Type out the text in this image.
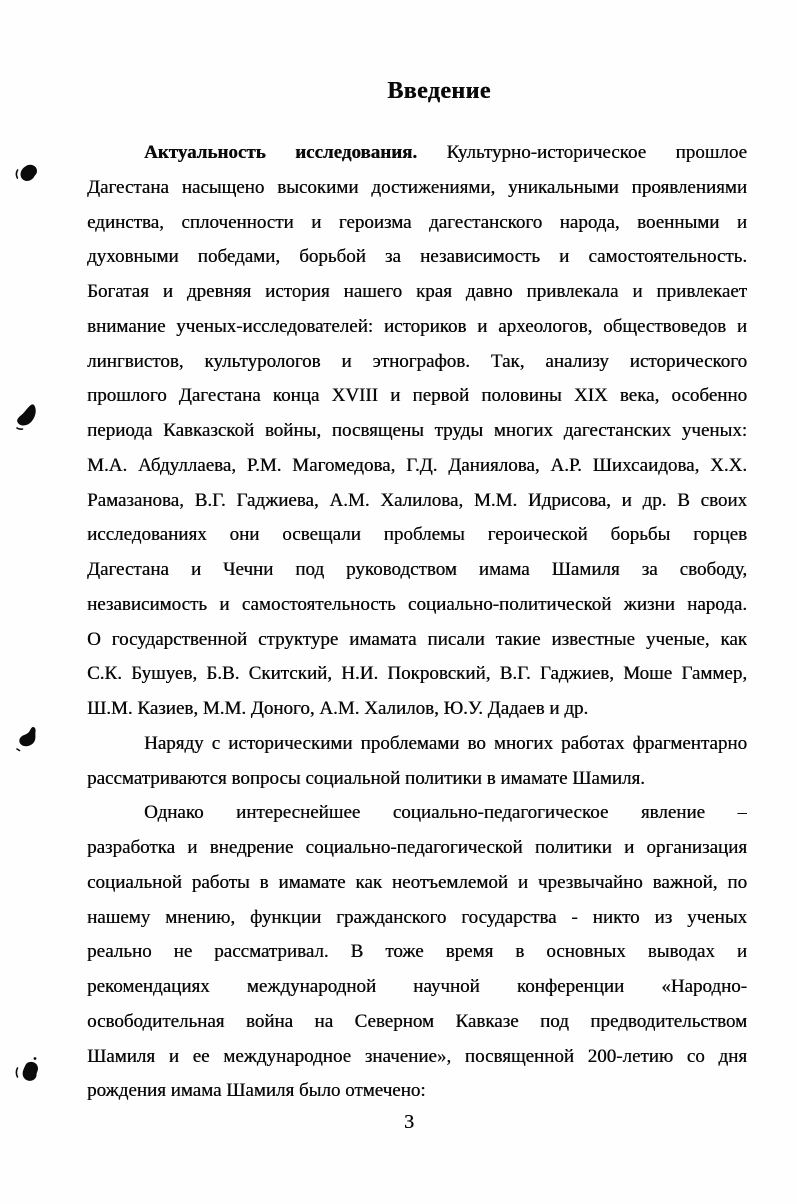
Введение
Актуальность исследования. Культурно-историческое прошлое
Дагестана насыщено высокими достижениями, уникальными проявлениями
единства, сплоченности и героизма дагестанского народа, военными и
духовными победами, борьбой за независимость и самостоятельность.
Богатая и древняя история нашего края давно привлекала и привлекает
внимание ученых-исследователей: историков и археологов, обществоведов и
лингвистов, культурологов и этнографов. Так, анализу исторического
прошлого Дагестана конца XVIII и первой половины XIX века, особенно
периода Кавказской войны, посвящены труды многих дагестанских ученых:
М.А. Абдуллаева, Р.М. Магомедова, Г.Д. Даниялова, А.Р. Шихсаидова, Х.Х.
Рамазанова, В.Г. Гаджиева, А.М. Халилова, М.М. Идрисова, и др. В своих
исследованиях они освещали проблемы героической борьбы горцев
Дагестана и Чечни под руководством имама Шамиля за свободу,
независимость и самостоятельность социально-политической жизни народа.
О государственной структуре имамата писали такие известные ученые, как
С.К. Бушуев, Б.В. Скитский, Н.И. Покровский, В.Г. Гаджиев, Моше Гаммер,
Ш.М. Казиев, М.М. Доного, А.М. Халилов, Ю.У. Дадаев и др.
Наряду с историческими проблемами во многих работах фрагментарно
рассматриваются вопросы социальной политики в имамате Шамиля.
Однако интереснейшее социально-педагогическое явление –
разработка и внедрение социально-педагогической политики и организация
социальной работы в имамате как неотъемлемой и чрезвычайно важной, по
нашему мнению, функции гражданского государства - никто из ученых
реально не рассматривал. В тоже время в основных выводах и
рекомендациях международной научной конференции «Народно-
освободительная война на Северном Кавказе под предводительством
Шамиля и ее международное значение», посвященной 200-летию со дня
рождения имама Шамиля было отмечено:
3
